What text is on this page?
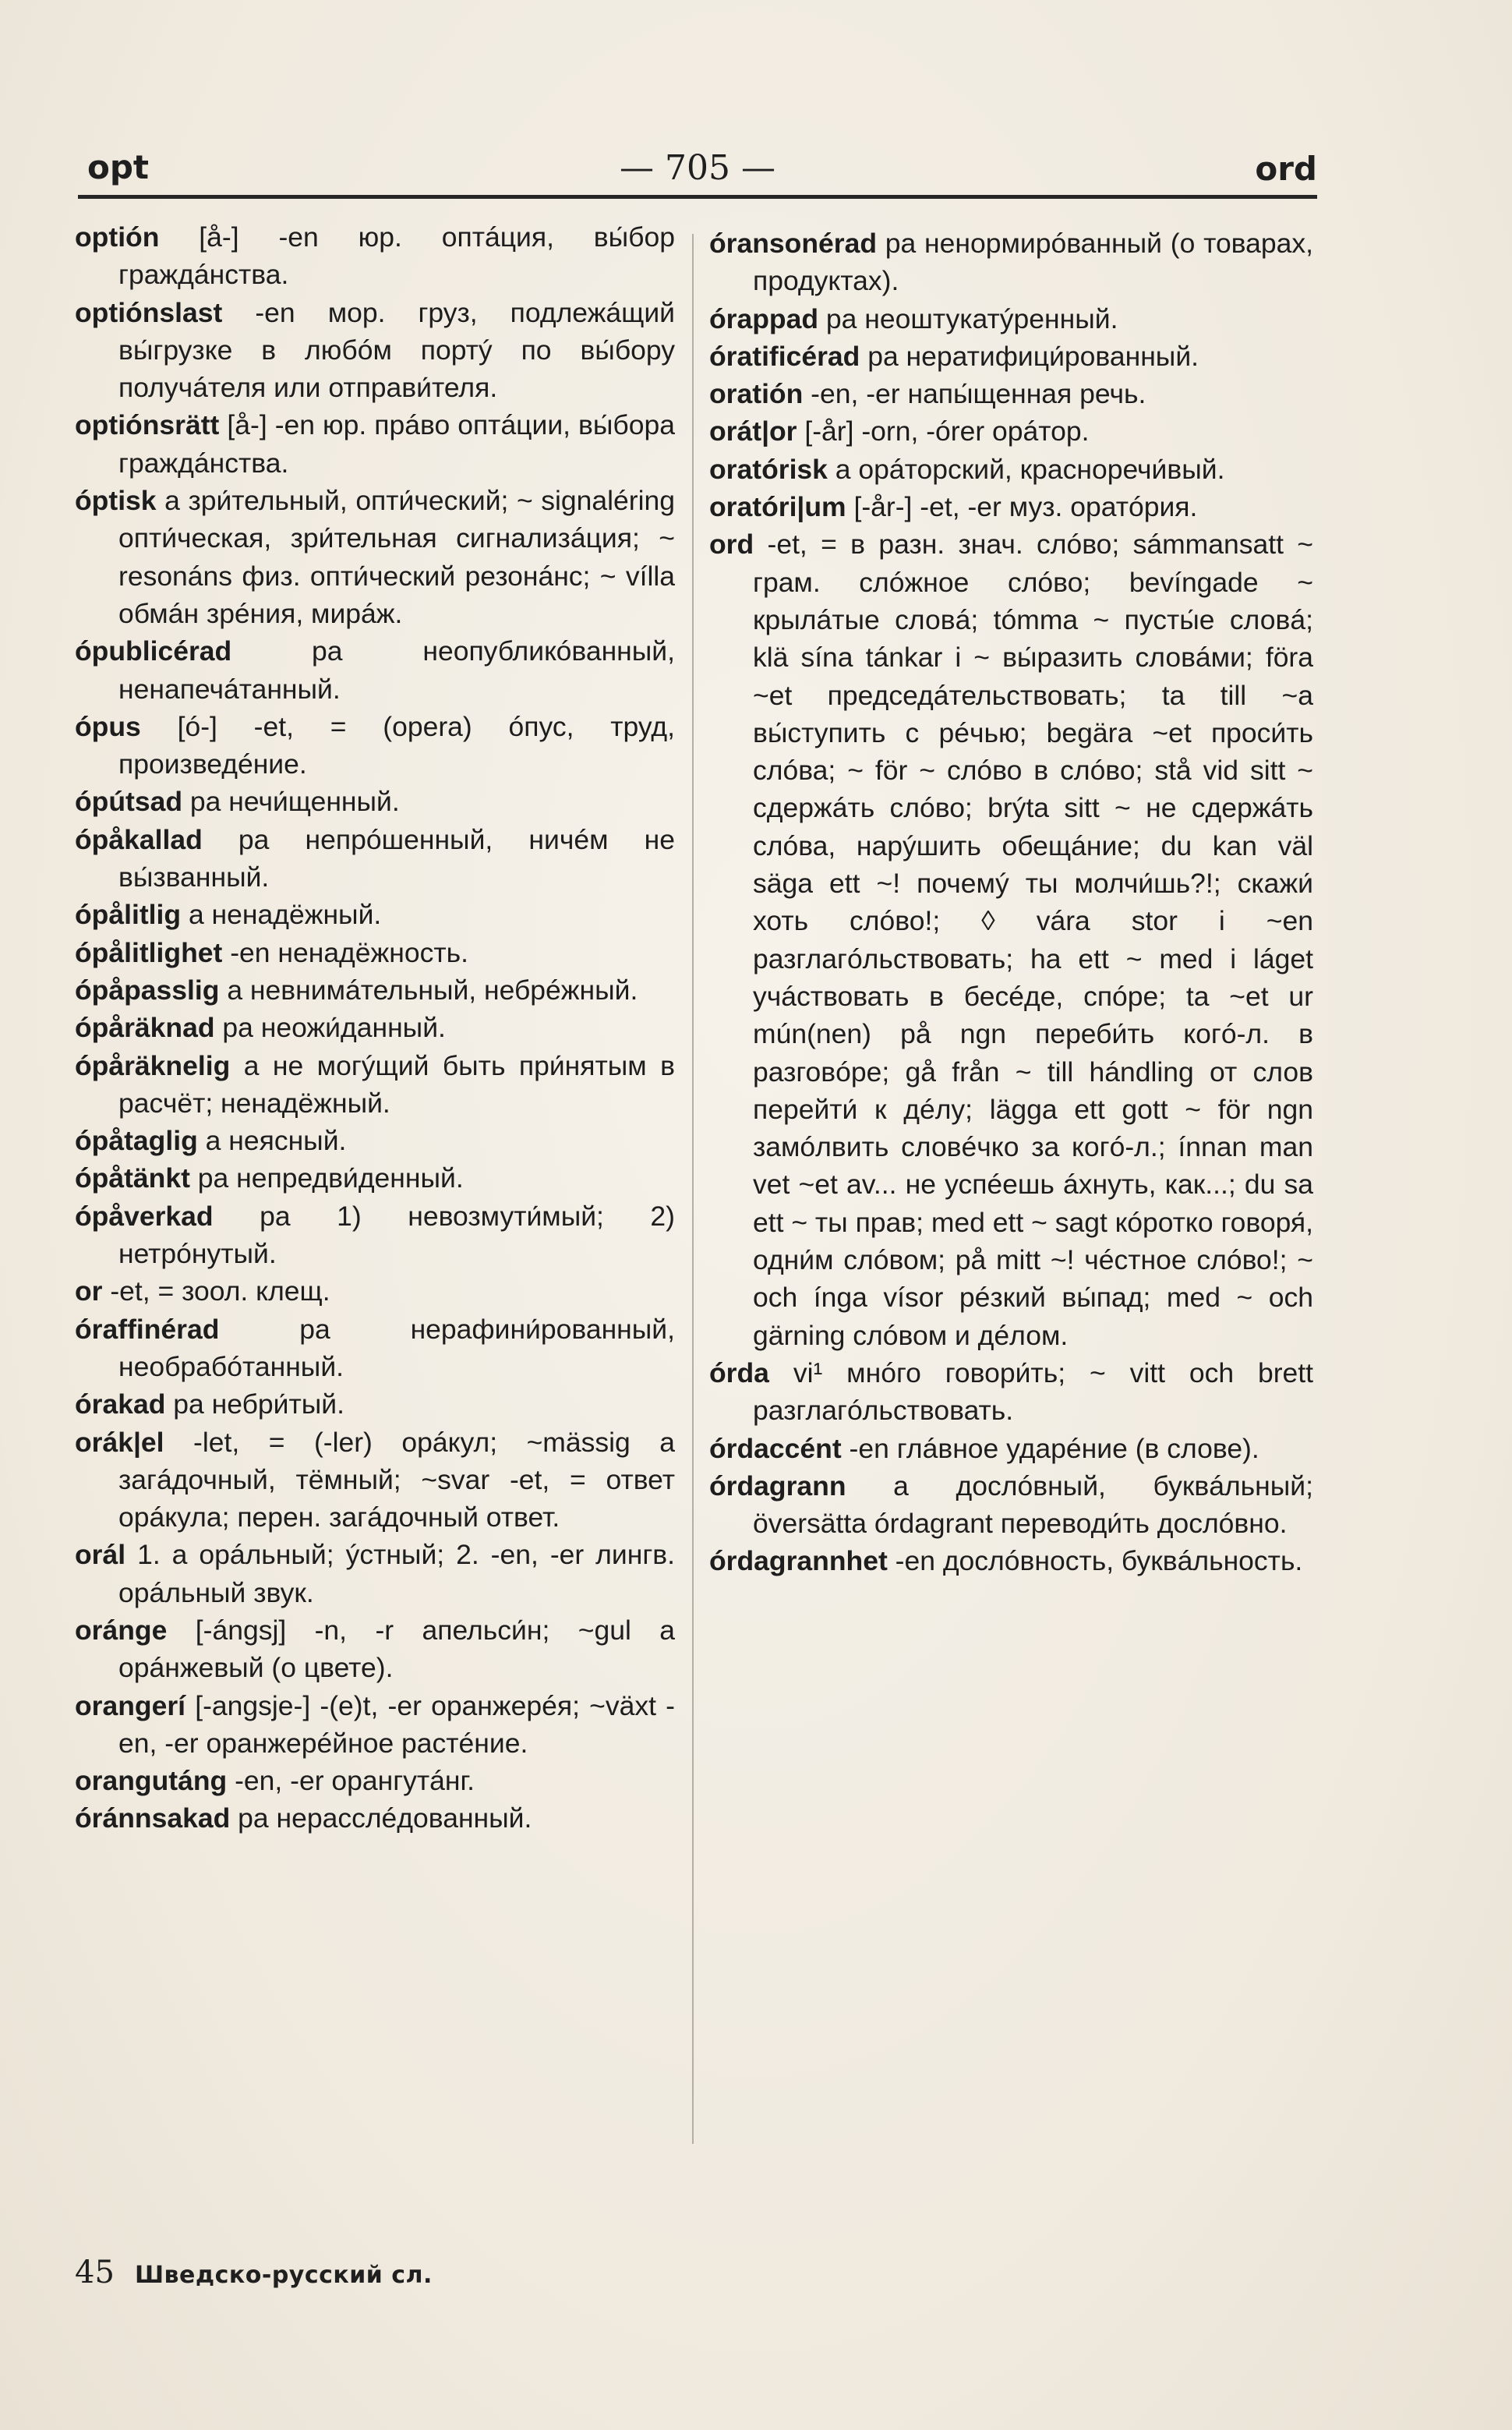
opt	— 705 —	ord

optión [å-] -en юр. оптáция, вы́бор граждáнства.

optiónslast -en мор. груз, подлежáщий вы́грузке в любóм портý по вы́бору получáтеля или отправи́теля.

optiónsrätt [å-] -en юр. прáво оптáции, вы́бора граждáнства.

óptisk a зри́тельный, опти́ческий; ~ signaléring опти́ческая, зри́тельная сигнализáция; ~ resonáns физ. опти́ческий резонáнс; ~ vílla обмáн зрéния, мирáж.

ópublicérad pa неопубликóванный, ненапечáтанный.

ópus [ó-] -et, = (opera) óпус, труд, произведéние.

ópútsad pa нечи́щенный.

ópåkallad pa непрóшенный, ничéм не вы́званный.

ópålitlig a ненадёжный.

ópålitlighet -en ненадёжность.

ópåpasslig a невнимáтельный, небрéжный.

ópåräknad pa неожи́данный.

ópåräknelig a не могýщий быть при́нятым в расчёт; ненадёжный.

ópåtaglig a неясный.

ópåtänkt pa непредви́денный.

ópåverkad pa 1) невозмути́мый; 2) нетрóнутый.

or -et, = зоол. клещ.

óraffinérad pa нерафини́рованный, необрабóтанный.

órakad pa небри́тый.

orák|el -let, = (-ler) орáкул; ~mässig a загáдочный, тёмный; ~svar -et, = ответ орáкула; перен. загáдочный ответ.

orál 1. a орáльный; ýстный; 2. -en, -er лингв. орáльный звук.

oránge [-ángsj] -n, -r апельси́н; ~gul a орáнжевый (о цвете).

orangerí [-angsje-] -(e)t, -er оранжерéя; ~växt -en, -er оранжерéйное растéние.

orangutáng -en, -er орангутáнг.

óránnsakad pa нерасслéдованный.

óransonérad pa ненормирóванный (о товарах, продуктах).

órappad pa неоштукатýренный.

óratificérad pa нератифици́рованный.

oratión -en, -er напы́щенная речь.

orát|or [-år] -orn, -órer орáтор.

oratórisk a орáторский, красноречи́вый.

oratóri|um [-år-] -et, -er муз. оратóрия.

ord -et, = в разн. знач. слóво; sámmansatt ~ грам. слóжное слóво; bevíngade ~ крылáтые словá; tómma ~ пусты́е словá; klä sína tánkar i ~ вы́разить словáми; föra ~et председáтельствовать; ta till ~a вы́ступить с рéчью; begära ~et проси́ть слóва; ~ för ~ слóво в слóво; stå vid sitt ~ сдержáть слóво; brýta sitt ~ не сдержáть слóва, нарýшить обещáние; du kan väl säga ett ~! почемý ты молчи́шь?!; скажи́ хоть слóво!; ◊ vára stor i ~en разглагóльствовать; ha ett ~ med i láget учáствовать в бесéде, спóре; ta ~et ur mún(nen) på ngn переби́ть когó-л. в разговóре; gå från ~ till hándling от слов перейти́ к дéлу; lägga ett gott ~ för ngn замóлвить словéчко за когó-л.; ínnan man vet ~et av... не успéешь áхнуть, как...; du sa ett ~ ты прав; med ett ~ sagt кóротко говоря́, одни́м слóвом; på mitt ~! чéстное слóво!; ~ och ínga vísor рéзкий вы́пад; med ~ och gärning слóвом и дéлом.

órda vi¹ мнóго говори́ть; ~ vitt och brett разглагóльствовать.

órdaccént -en глáвное ударéние (в слове).

órdagrann a дослóвный, буквáльный; översätta órdagrant переводи́ть дослóвно.

órdagrannhet -en дослóвность, буквáльность.

45 Шведско-русский сл.
